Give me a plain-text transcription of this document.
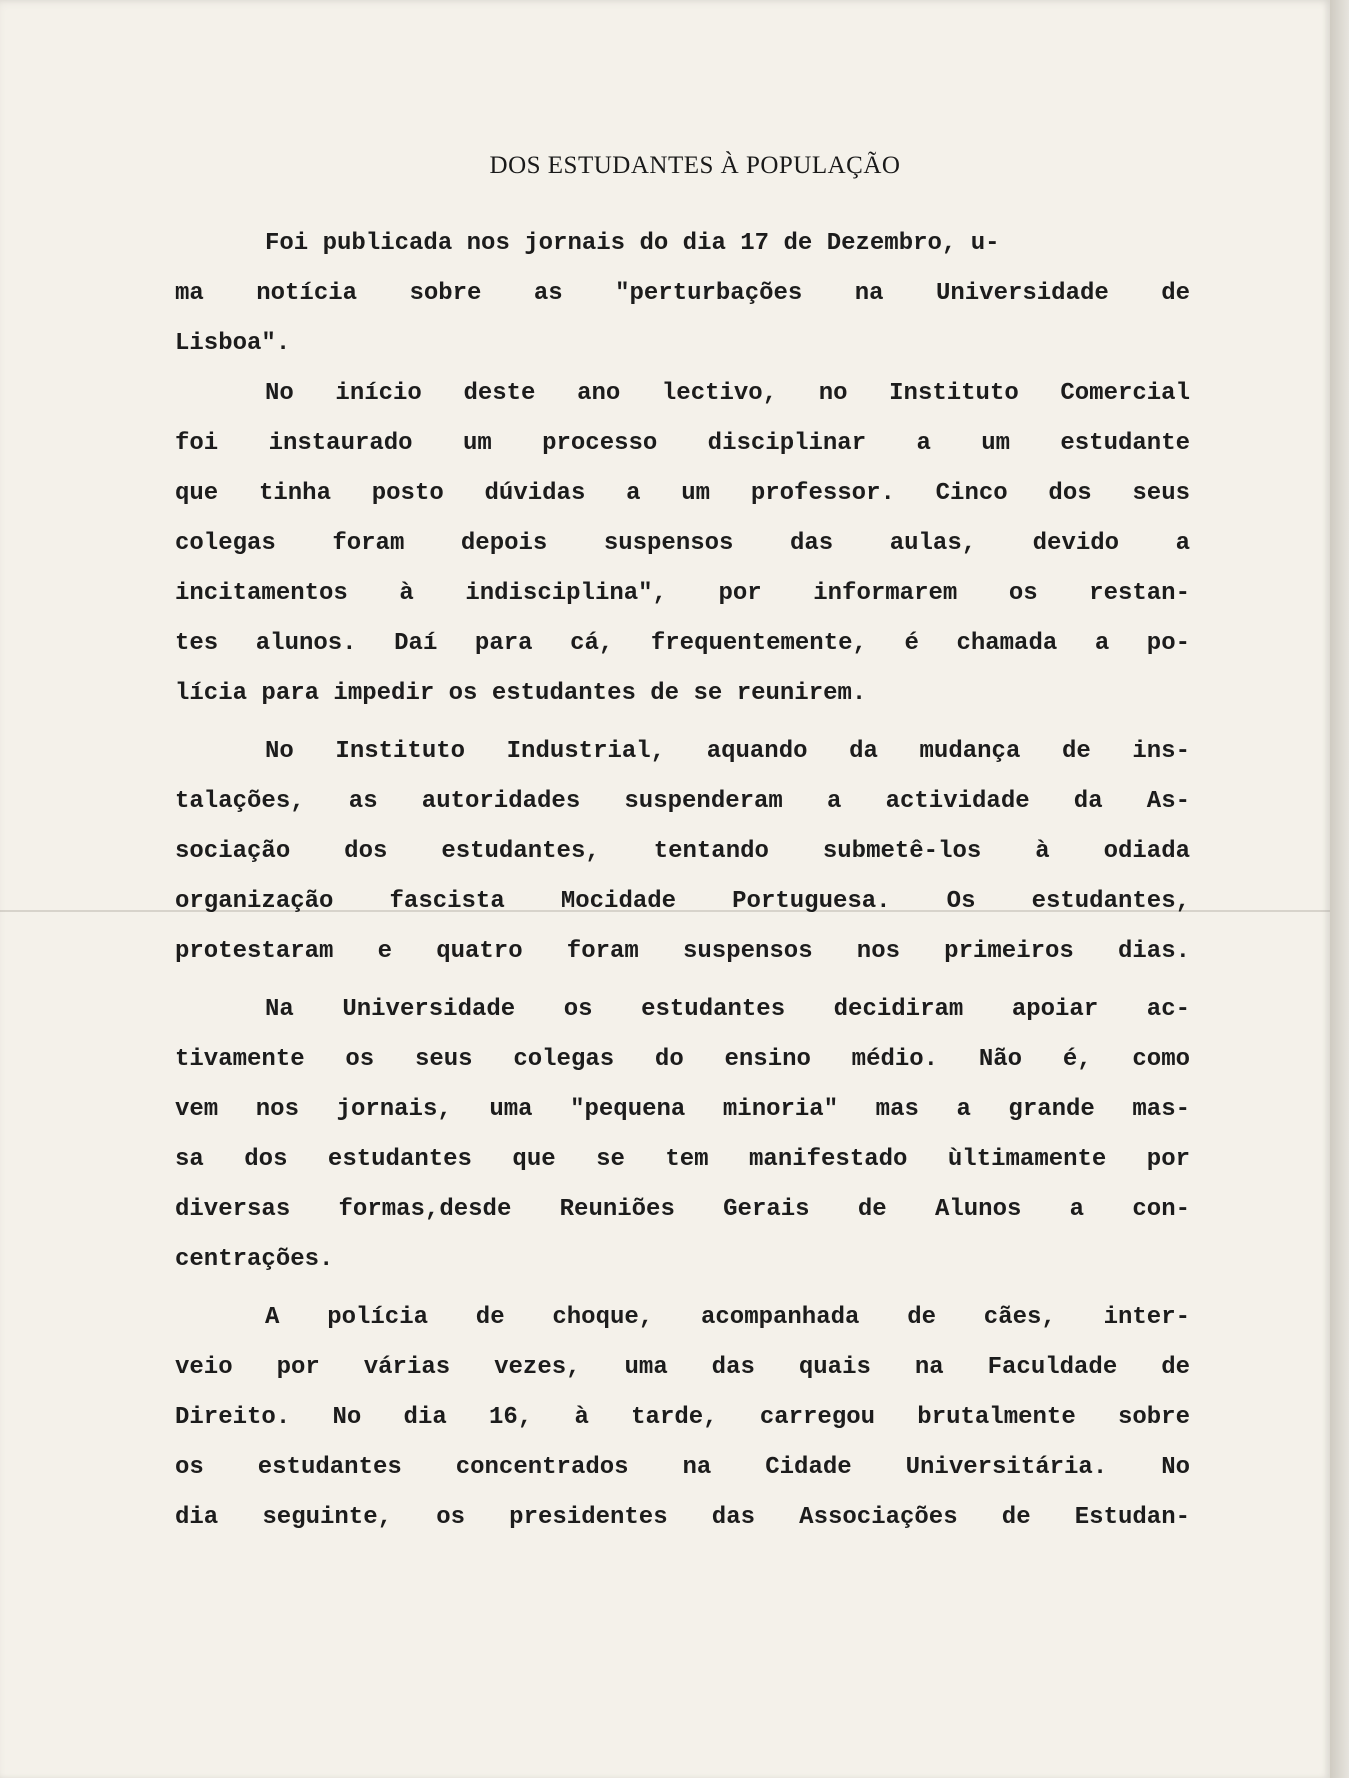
DOS ESTUDANTES À POPULAÇÃO
Foi publicada nos jornais do dia 17 de Dezembro, u-
ma notícia sobre as "perturbações na Universidade de
Lisboa".
No início deste ano lectivo, no Instituto Comercial
foi instaurado um processo disciplinar a um estudante
que tinha posto dúvidas a um professor. Cinco dos seus
colegas foram depois suspensos das aulas, devido a
incitamentos à indisciplina", por informarem os restan-
tes alunos. Daí para cá, frequentemente, é chamada a po-
lícia para impedir os estudantes de se reunirem.
No Instituto Industrial, aquando da mudança de ins-
talações, as autoridades suspenderam a actividade da As-
sociação dos estudantes, tentando submetê-los à odiada
organização fascista Mocidade Portuguesa. Os estudantes,
protestaram e quatro foram suspensos nos primeiros dias.
Na Universidade os estudantes decidiram apoiar ac-
tivamente os seus colegas do ensino médio. Não é, como
vem nos jornais, uma "pequena minoria" mas a grande mas-
sa dos estudantes que se tem manifestado ùltimamente por
diversas formas,desde Reuniões Gerais de Alunos a con-
centrações.
A polícia de choque, acompanhada de cães, inter-
veio por várias vezes, uma das quais na Faculdade de
Direito. No dia 16, à tarde, carregou brutalmente sobre
os estudantes concentrados na Cidade Universitária. No
dia seguinte, os presidentes das Associações de Estudan-
